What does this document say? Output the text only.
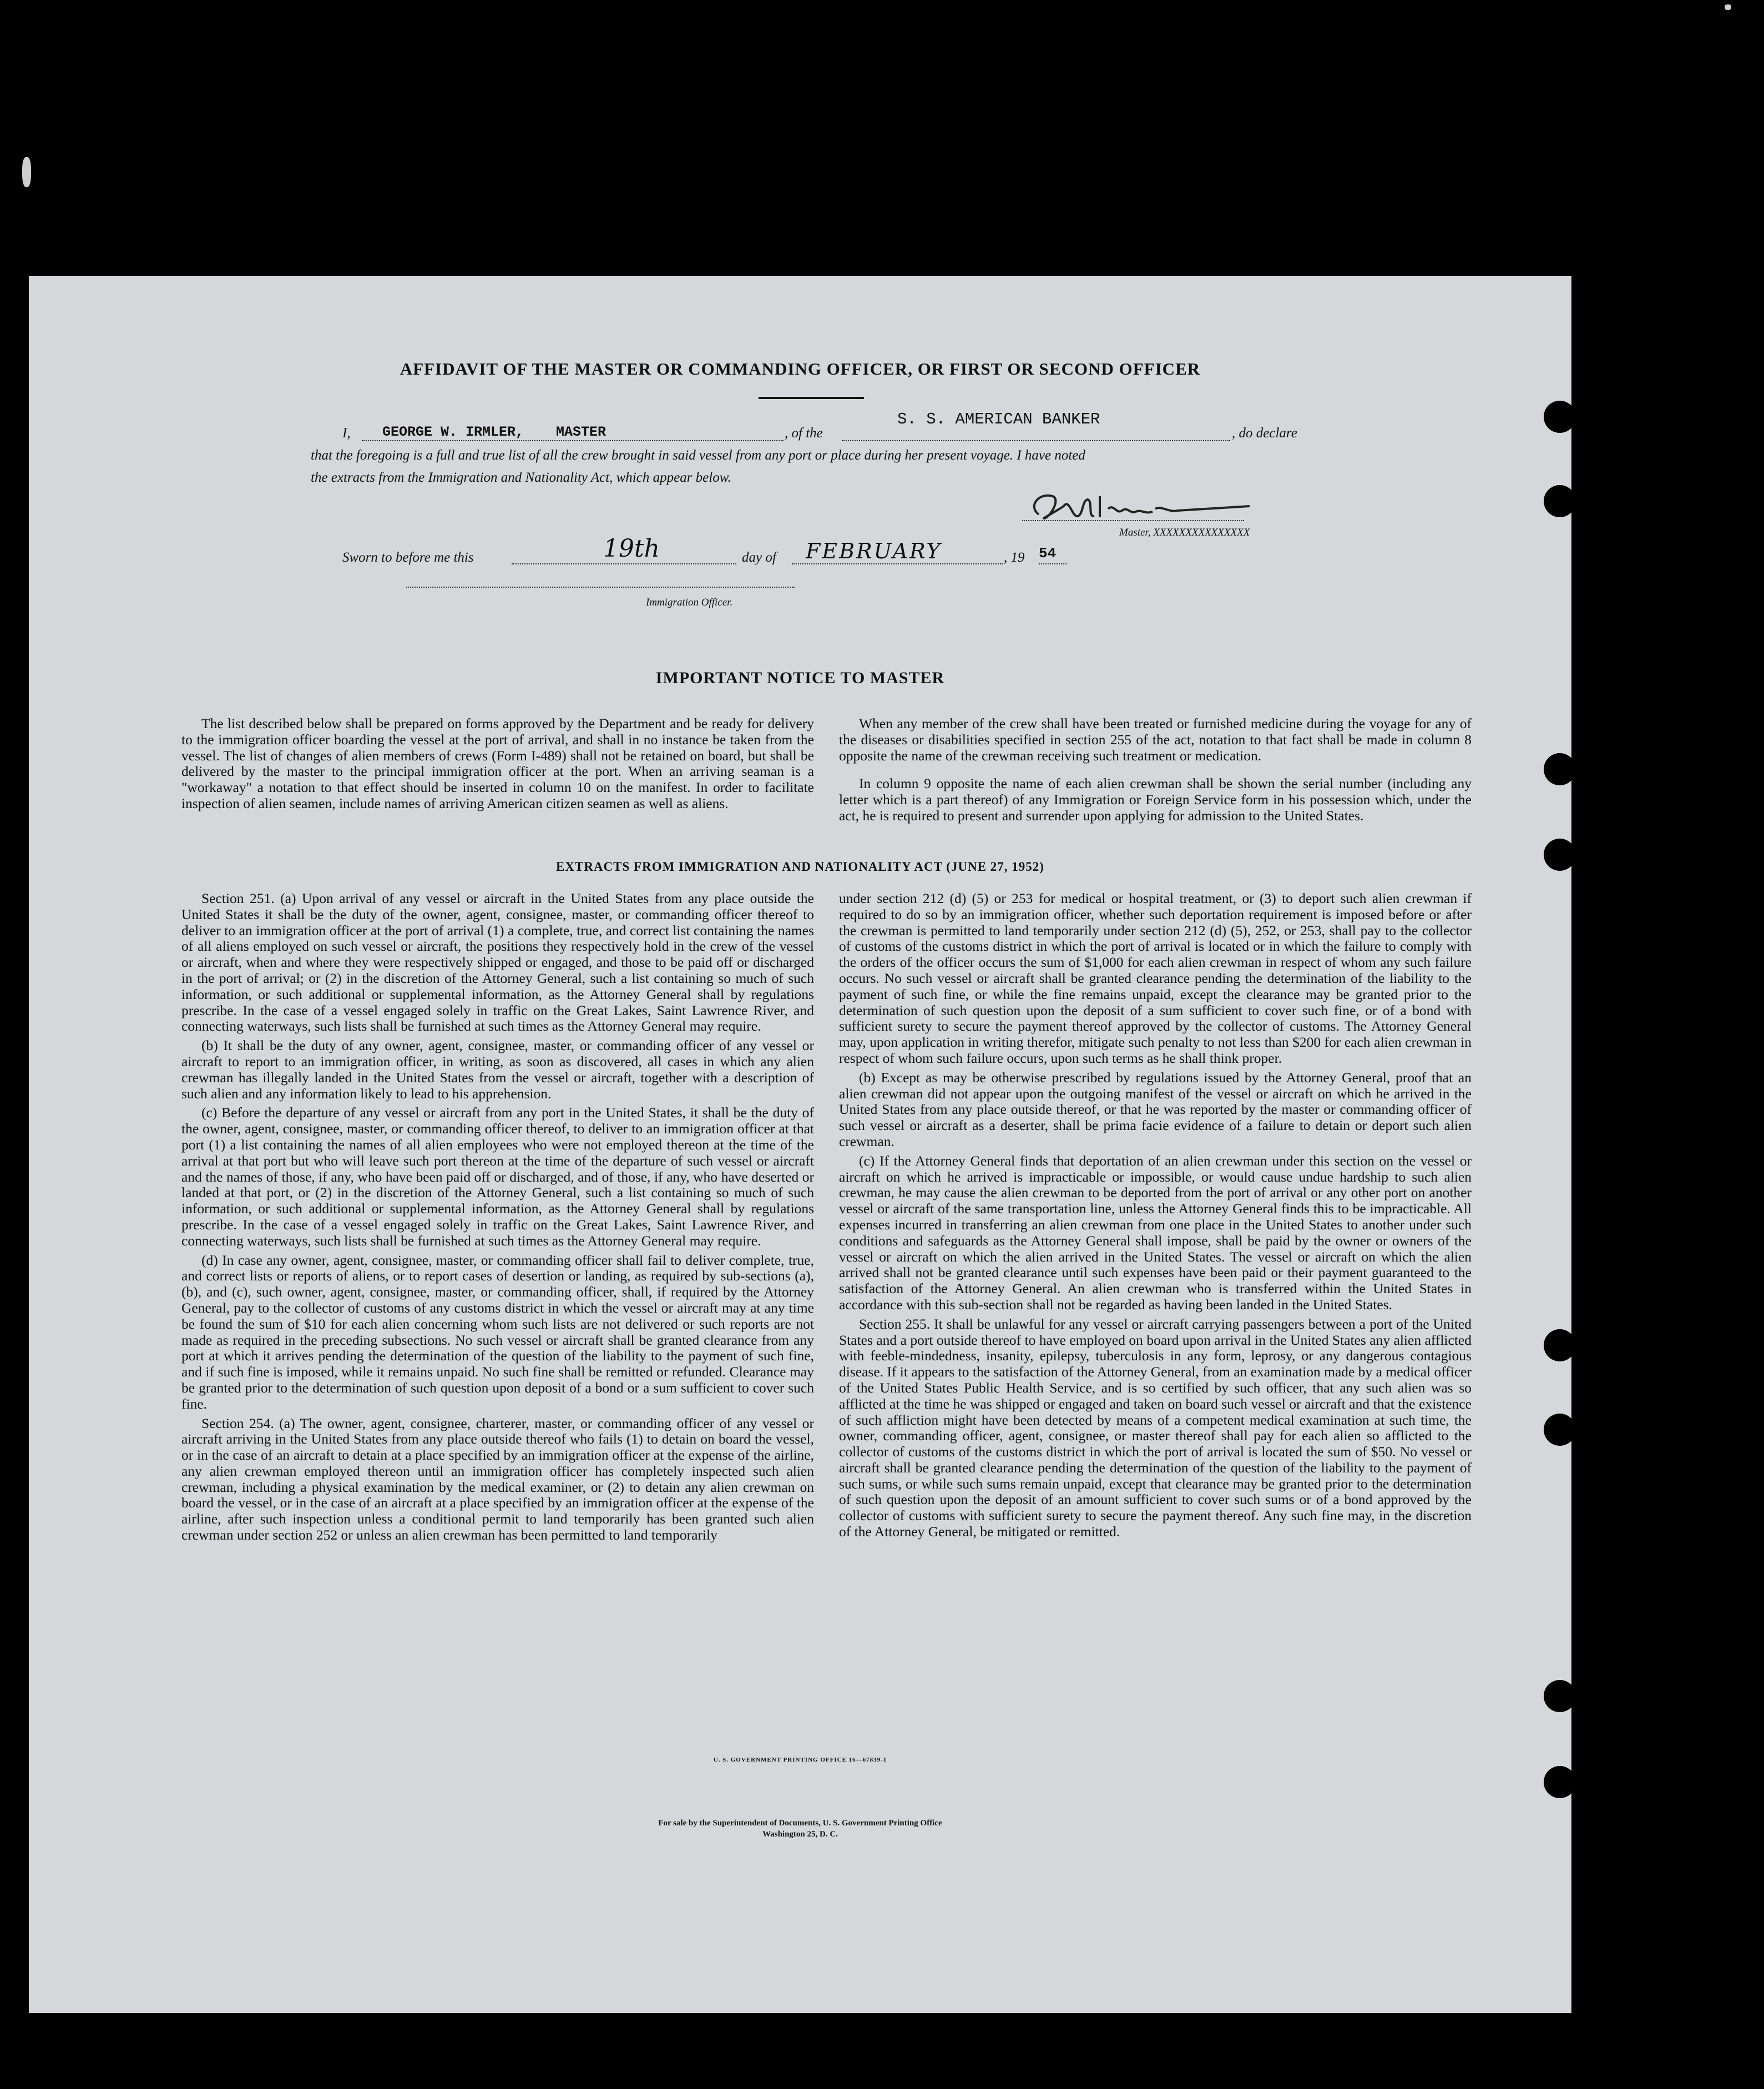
AFFIDAVIT OF THE MASTER OR COMMANDING OFFICER, OR FIRST OR SECOND OFFICER
I, GEORGE W. IRMLER, MASTER	, of the
S. S. AMERICAN BANKER
, do declare
that the foregoing is a full and true list of all the crew brought in said vessel from any port or place during her present voyage. I have noted
the extracts from the Immigration and Nationality Act, which appear below.
Master, XXXXXXXXXXXXXXX
Sworn to before me this	19th	day of FEBRUARY	, 19 54
Immigration Officer.
IMPORTANT NOTICE TO MASTER

The list described below shall be prepared on forms approved by the Department and be ready for delivery to the immigration officer boarding the vessel at the port of arrival, and shall in no instance be taken from the vessel. The list of changes of alien members of crews (Form I-489) shall not be retained on board, but shall be delivered by the master to the principal immigration officer at the port. When an arriving seaman is a "workaway" a notation to that effect should be inserted in column 10 on the manifest. In order to facilitate inspection of alien seamen, include names of arriving American citizen seamen as well as aliens.

When any member of the crew shall have been treated or furnished medicine during the voyage for any of the diseases or disabilities specified in section 255 of the act, notation to that fact shall be made in column 8 opposite the name of the crewman receiving such treatment or medication.

In column 9 opposite the name of each alien crewman shall be shown the serial number (including any letter which is a part thereof) of any Immigration or Foreign Service form in his possession which, under the act, he is required to present and surrender upon applying for admission to the United States.

EXTRACTS FROM IMMIGRATION AND NATIONALITY ACT (JUNE 27, 1952)

Section 251. (a) Upon arrival of any vessel or aircraft in the United States from any place outside the United States it shall be the duty of the owner, agent, consignee, master, or commanding officer thereof to deliver to an immigration officer at the port of arrival (1) a complete, true, and correct list containing the names of all aliens employed on such vessel or aircraft, the positions they respectively hold in the crew of the vessel or aircraft, when and where they were respectively shipped or engaged, and those to be paid off or discharged in the port of arrival; or (2) in the discretion of the Attorney General, such a list containing so much of such information, or such additional or supplemental information, as the Attorney General shall by regulations prescribe. In the case of a vessel engaged solely in traffic on the Great Lakes, Saint Lawrence River, and connecting waterways, such lists shall be furnished at such times as the Attorney General may require.

(b) It shall be the duty of any owner, agent, consignee, master, or commanding officer of any vessel or aircraft to report to an immigration officer, in writing, as soon as discovered, all cases in which any alien crewman has illegally landed in the United States from the vessel or aircraft, together with a description of such alien and any information likely to lead to his apprehension.

(c) Before the departure of any vessel or aircraft from any port in the United States, it shall be the duty of the owner, agent, consignee, master, or commanding officer thereof, to deliver to an immigration officer at that port (1) a list containing the names of all alien employees who were not employed thereon at the time of the arrival at that port but who will leave such port thereon at the time of the departure of such vessel or aircraft and the names of those, if any, who have been paid off or discharged, and of those, if any, who have deserted or landed at that port, or (2) in the discretion of the Attorney General, such a list containing so much of such information, or such additional or supplemental information, as the Attorney General shall by regulations prescribe. In the case of a vessel engaged solely in traffic on the Great Lakes, Saint Lawrence River, and connecting waterways, such lists shall be furnished at such times as the Attorney General may require.

(d) In case any owner, agent, consignee, master, or commanding officer shall fail to deliver complete, true, and correct lists or reports of aliens, or to report cases of desertion or landing, as required by sub-sections (a), (b), and (c), such owner, agent, consignee, master, or commanding officer, shall, if required by the Attorney General, pay to the collector of customs of any customs district in which the vessel or aircraft may at any time be found the sum of $10 for each alien concerning whom such lists are not delivered or such reports are not made as required in the preceding subsections. No such vessel or aircraft shall be granted clearance from any port at which it arrives pending the determination of the question of the liability to the payment of such fine, and if such fine is imposed, while it remains unpaid. No such fine shall be remitted or refunded. Clearance may be granted prior to the determination of such question upon deposit of a bond or a sum sufficient to cover such fine.

Section 254. (a) The owner, agent, consignee, charterer, master, or commanding officer of any vessel or aircraft arriving in the United States from any place outside thereof who fails (1) to detain on board the vessel, or in the case of an aircraft to detain at a place specified by an immigration officer at the expense of the airline, any alien crewman employed thereon until an immigration officer has completely inspected such alien crewman, including a physical examination by the medical examiner, or (2) to detain any alien crewman on board the vessel, or in the case of an aircraft at a place specified by an immigration officer at the expense of the airline, after such inspection unless a conditional permit to land temporarily has been granted such alien crewman under section 252 or unless an alien crewman has been permitted to land temporarily

under section 212 (d) (5) or 253 for medical or hospital treatment, or (3) to deport such alien crewman if required to do so by an immigration officer, whether such deportation requirement is imposed before or after the crewman is permitted to land temporarily under section 212 (d) (5), 252, or 253, shall pay to the collector of customs of the customs district in which the port of arrival is located or in which the failure to comply with the orders of the officer occurs the sum of $1,000 for each alien crewman in respect of whom any such failure occurs. No such vessel or aircraft shall be granted clearance pending the determination of the liability to the payment of such fine, or while the fine remains unpaid, except the clearance may be granted prior to the determination of such question upon the deposit of a sum sufficient to cover such fine, or of a bond with sufficient surety to secure the payment thereof approved by the collector of customs. The Attorney General may, upon application in writing therefor, mitigate such penalty to not less than $200 for each alien crewman in respect of whom such failure occurs, upon such terms as he shall think proper.

(b) Except as may be otherwise prescribed by regulations issued by the Attorney General, proof that an alien crewman did not appear upon the outgoing manifest of the vessel or aircraft on which he arrived in the United States from any place outside thereof, or that he was reported by the master or commanding officer of such vessel or aircraft as a deserter, shall be prima facie evidence of a failure to detain or deport such alien crewman.

(c) If the Attorney General finds that deportation of an alien crewman under this section on the vessel or aircraft on which he arrived is impracticable or impossible, or would cause undue hardship to such alien crewman, he may cause the alien crewman to be deported from the port of arrival or any other port on another vessel or aircraft of the same transportation line, unless the Attorney General finds this to be impracticable. All expenses incurred in transferring an alien crewman from one place in the United States to another under such conditions and safeguards as the Attorney General shall impose, shall be paid by the owner or owners of the vessel or aircraft on which the alien arrived in the United States. The vessel or aircraft on which the alien arrived shall not be granted clearance until such expenses have been paid or their payment guaranteed to the satisfaction of the Attorney General. An alien crewman who is transferred within the United States in accordance with this sub-section shall not be regarded as having been landed in the United States.

Section 255. It shall be unlawful for any vessel or aircraft carrying passengers between a port of the United States and a port outside thereof to have employed on board upon arrival in the United States any alien afflicted with feeble-mindedness, insanity, epilepsy, tuberculosis in any form, leprosy, or any dangerous contagious disease. If it appears to the satisfaction of the Attorney General, from an examination made by a medical officer of the United States Public Health Service, and is so certified by such officer, that any such alien was so afflicted at the time he was shipped or engaged and taken on board such vessel or aircraft and that the existence of such affliction might have been detected by means of a competent medical examination at such time, the owner, commanding officer, agent, consignee, or master thereof shall pay for each alien so afflicted to the collector of customs of the customs district in which the port of arrival is located the sum of $50. No vessel or aircraft shall be granted clearance pending the determination of the question of the liability to the payment of such sums, or while such sums remain unpaid, except that clearance may be granted prior to the determination of such question upon the deposit of an amount sufficient to cover such sums or of a bond approved by the collector of customs with sufficient surety to secure the payment thereof. Any such fine may, in the discretion of the Attorney General, be mitigated or remitted.

U. S. GOVERNMENT PRINTING OFFICE 16—67839-1
For sale by the Superintendent of Documents, U. S. Government Printing Office
Washington 25, D. C.
